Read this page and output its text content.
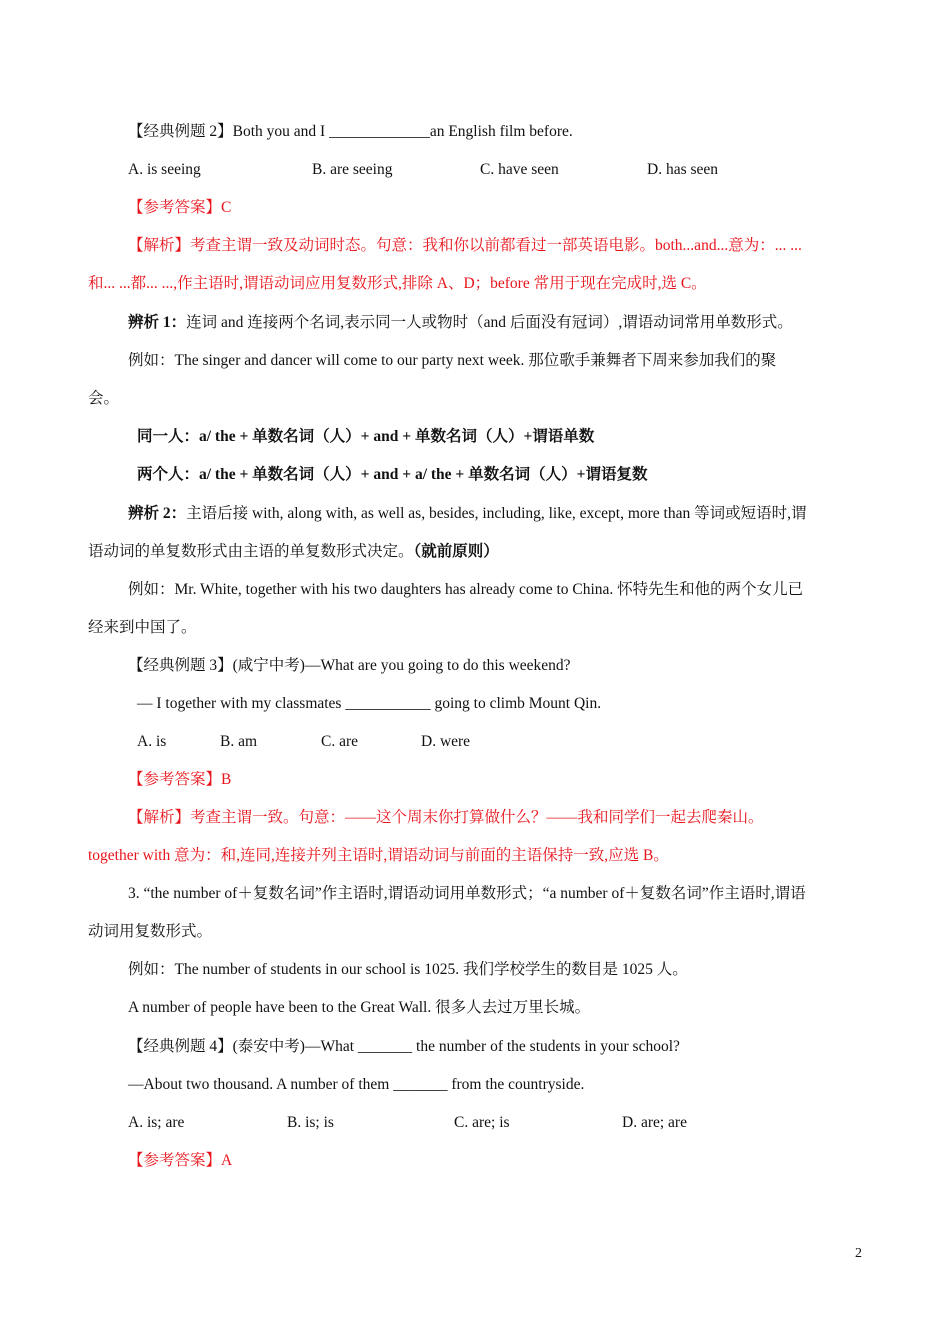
【经典例题 2】Both you and I _____________an English film before.
A. is seeing	B. are seeing	C. have seen	D. has seen
【参考答案】C
【解析】考查主谓一致及动词时态。句意：我和你以前都看过一部英语电影。both...and...意为：... ...
和... ...都... ...,作主语时,谓语动词应用复数形式,排除 A、D；before 常用于现在完成时,选 C。
辨析 1：连词 and 连接两个名词,表示同一人或物时（and 后面没有冠词）,谓语动词常用单数形式。
例如：The singer and dancer will come to our party next week. 那位歌手兼舞者下周来参加我们的聚
会。
同一人：a/ the + 单数名词（人）+ and + 单数名词（人）+谓语单数
两个人：a/ the + 单数名词（人）+ and + a/ the + 单数名词（人）+谓语复数
辨析 2：主语后接 with, along with, as well as, besides, including, like, except, more than 等词或短语时,谓
语动词的单复数形式由主语的单复数形式决定。（就前原则）
例如：Mr. White, together with his two daughters has already come to China. 怀特先生和他的两个女儿已
经来到中国了。
【经典例题 3】(咸宁中考)—What are you going to do this weekend?
— I together with my classmates ___________ going to climb Mount Qin.
A. is	B. am	C. are	D. were
【参考答案】B
【解析】考查主谓一致。句意：——这个周末你打算做什么？——我和同学们一起去爬秦山。
together with 意为：和,连同,连接并列主语时,谓语动词与前面的主语保持一致,应选 B。
3. “the number of＋复数名词”作主语时,谓语动词用单数形式；“a number of＋复数名词”作主语时,谓语
动词用复数形式。
例如：The number of students in our school is 1025. 我们学校学生的数目是 1025 人。
A number of people have been to the Great Wall. 很多人去过万里长城。
【经典例题 4】(泰安中考)—What _______ the number of the students in your school?
—About two thousand. A number of them _______ from the countryside.
A. is; are	B. is; is	C. are; is	D. are; are
【参考答案】A
2
